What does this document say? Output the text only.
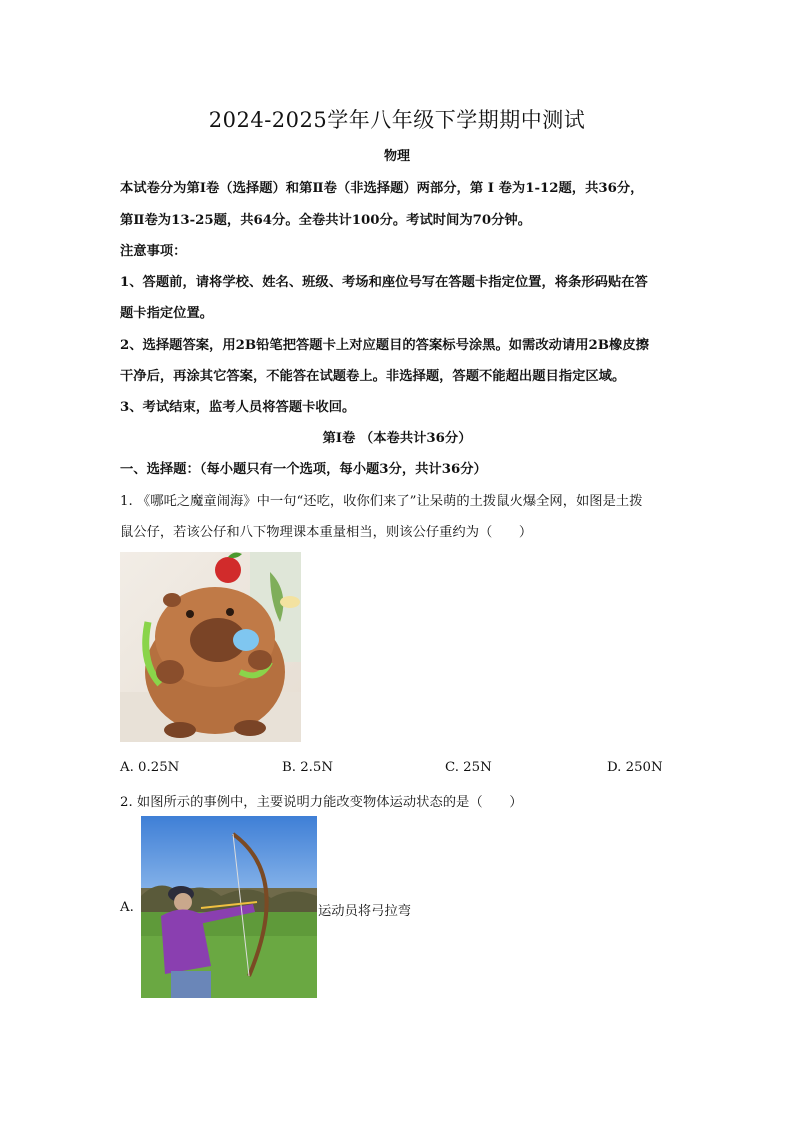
2024-2025学年八年级下学期期中测试
物理
本试卷分为第Ⅰ卷（选择题）和第Ⅱ卷（非选择题）两部分，第 Ⅰ 卷为1-12题，共36分，
第Ⅱ卷为13-25题，共64分。全卷共计100分。考试时间为70分钟。
注意事项：
1、答题前，请将学校、姓名、班级、考场和座位号写在答题卡指定位置，将条形码贴在答
题卡指定位置。
2、选择题答案，用2B铅笔把答题卡上对应题目的答案标号涂黑。如需改动请用2B橡皮擦
干净后，再涂其它答案，不能答在试题卷上。非选择题，答题不能超出题目指定区域。
3、考试结束，监考人员将答题卡收回。
第Ⅰ卷 （本卷共计36分）
一、选择题：（每小题只有一个选项，每小题3分，共计36分）
1. 《哪吒之魔童闹海》中一句“还吃，收你们来了”让呆萌的土拨鼠火爆全网，如图是土拨
鼠公仔，若该公仔和八下物理课本重量相当，则该公仔重约为（　　）
A. 0.25N	B. 2.5N	C. 25N	D. 250N
2. 如图所示的事例中，主要说明力能改变物体运动状态的是（　　）
A.	运动员将弓拉弯
